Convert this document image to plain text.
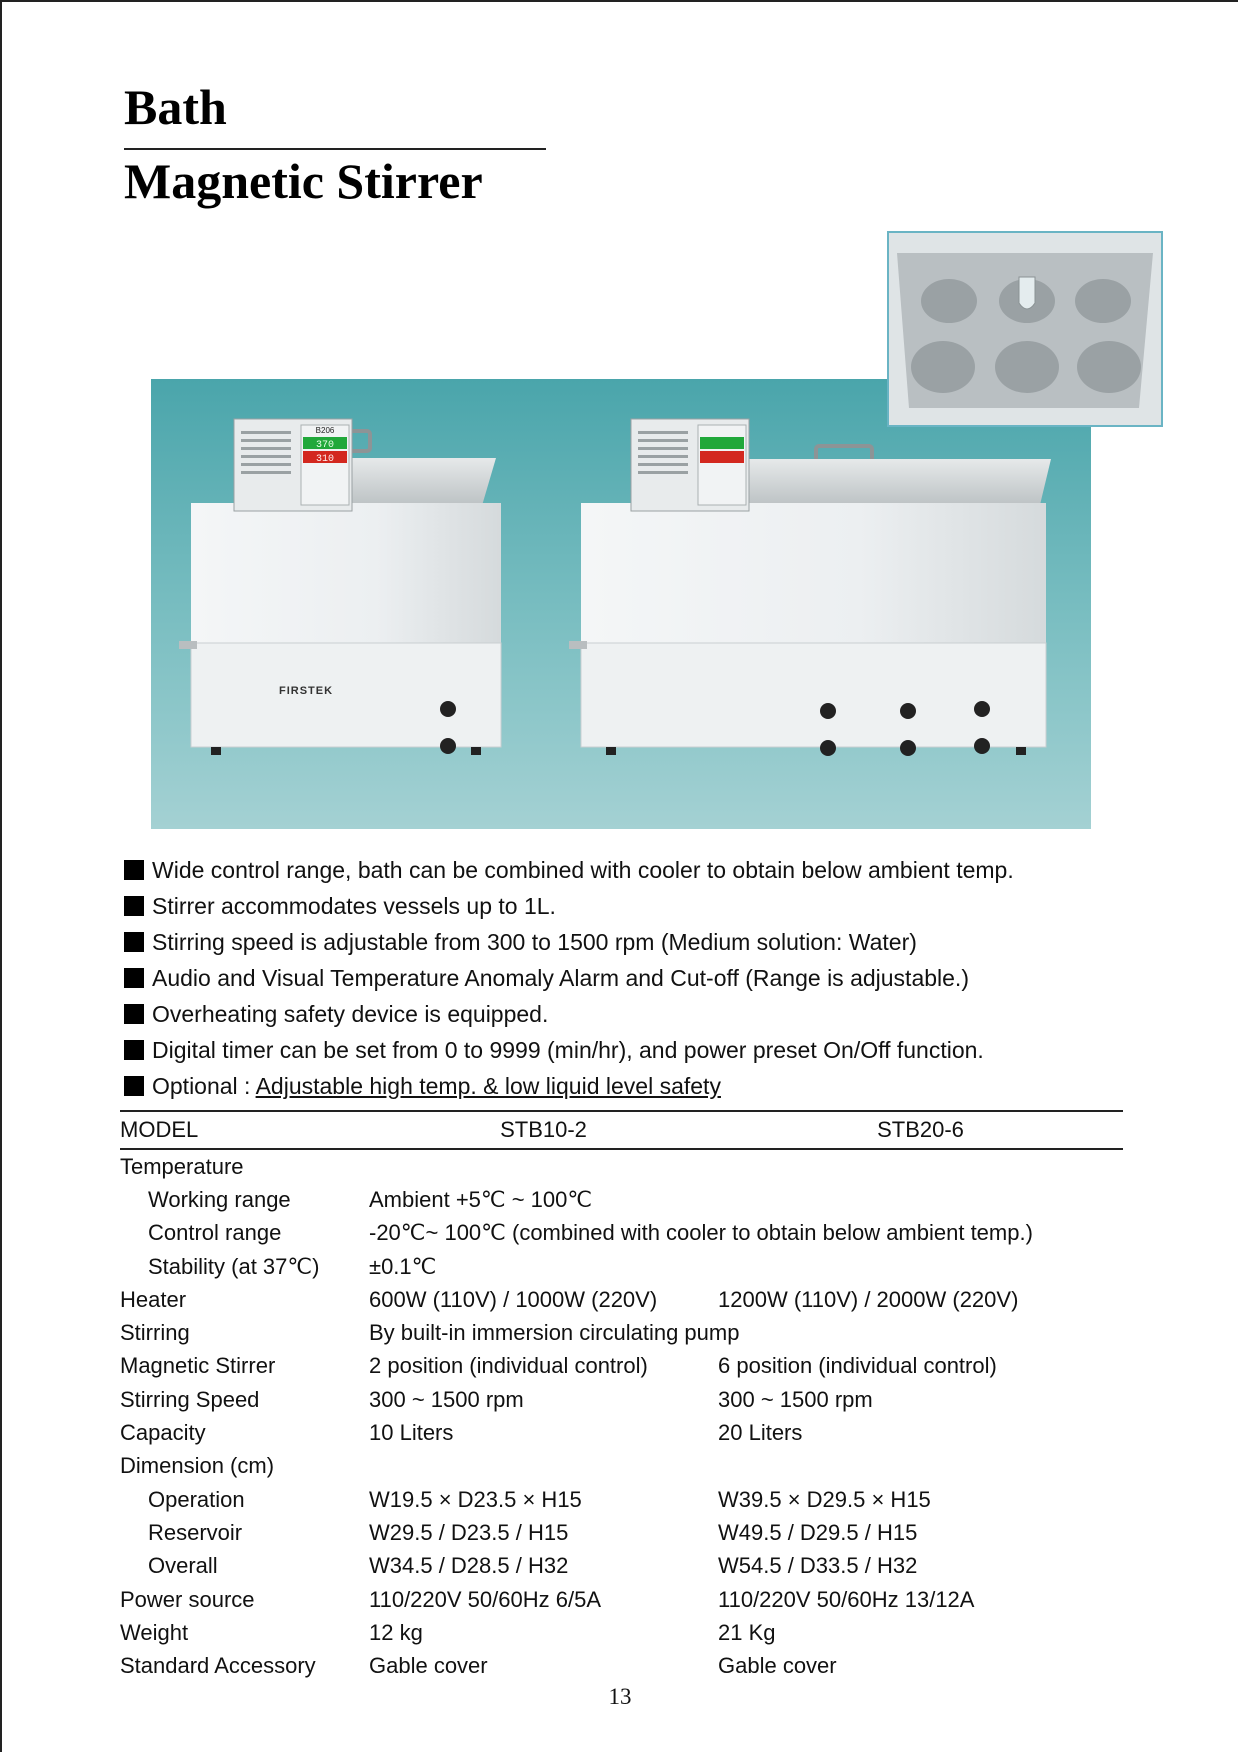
Bath
Magnetic Stirrer
B206
370
310
FIRSTEK
Wide control range, bath can be combined with cooler to obtain below ambient temp.
Stirrer accommodates vessels up to 1L.
Stirring speed is adjustable from 300 to 1500 rpm (Medium solution: Water)
Audio and Visual Temperature Anomaly Alarm and Cut-off (Range is adjustable.)
Overheating safety device is equipped.
Digital timer can be set from 0 to 9999 (min/hr), and power preset On/Off function.
Optional : Adjustable high temp. & low liquid level safety
MODEL	STB10-2	STB20-6
Temperature		
Working range	Ambient +5℃ ~ 100℃	
Control range	-20℃~ 100℃ (combined with cooler to obtain below ambient temp.)	
Stability (at 37℃)	±0.1℃	
Heater	600W (110V) / 1000W (220V)	1200W (110V) / 2000W (220V)
Stirring	By built-in immersion circulating pump	
Magnetic Stirrer	2 position (individual control)	6 position (individual control)
Stirring Speed	300 ~ 1500 rpm	300 ~ 1500 rpm
Capacity	10 Liters	20 Liters
Dimension (cm)		
Operation	W19.5 × D23.5 × H15	W39.5 × D29.5 × H15
Reservoir	W29.5 / D23.5 / H15	W49.5 / D29.5 / H15
Overall	W34.5 / D28.5 / H32	W54.5 / D33.5 / H32
Power source	110/220V 50/60Hz 6/5A	110/220V 50/60Hz 13/12A
Weight	12 kg	21 Kg
Standard Accessory	Gable cover	Gable cover
13
